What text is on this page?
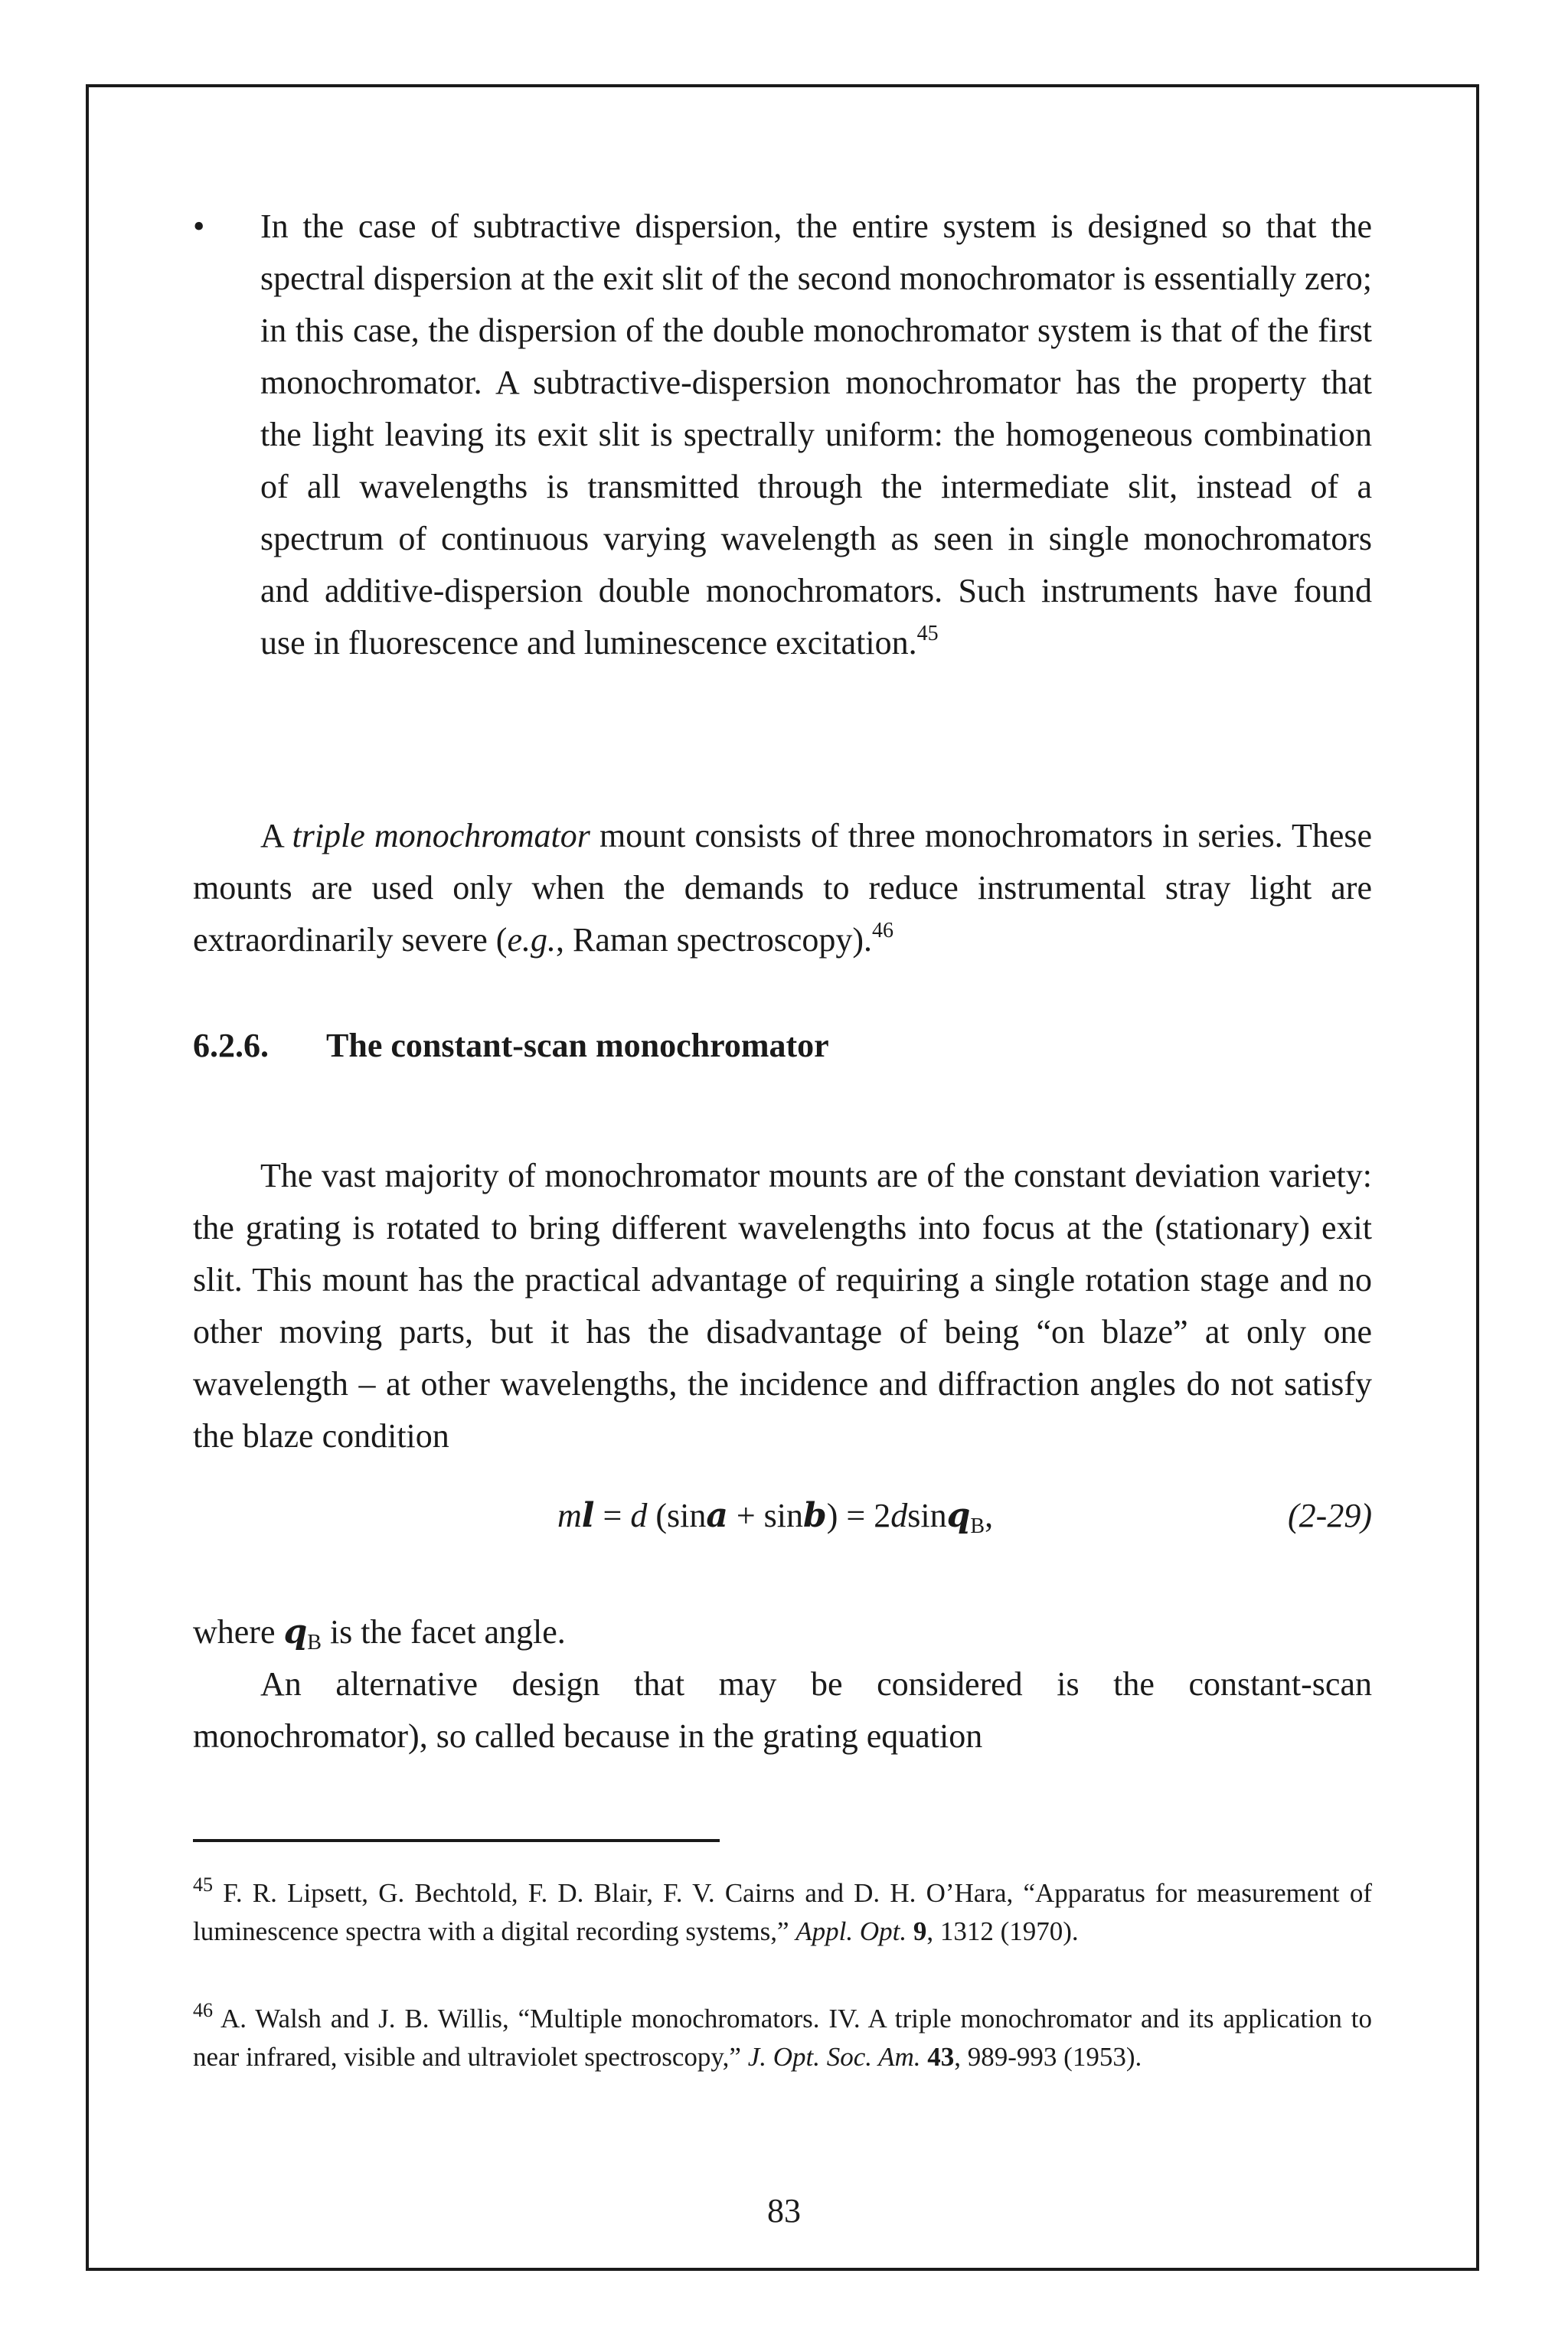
• In the case of subtractive dispersion, the entire system is designed so that the spectral dispersion at the exit slit of the second monochromator is essentially zero; in this case, the dispersion of the double monochromator system is that of the first monochromator. A subtractive-dispersion monochromator has the property that the light leaving its exit slit is spectrally uniform: the homogeneous combination of all wavelengths is transmitted through the intermediate slit, instead of a spectrum of continuous varying wavelength as seen in single monochromators and additive-dispersion double monochromators. Such instruments have found use in fluorescence and luminescence excitation.$^{45}$
A triple monochromator mount consists of three monochromators in series. These mounts are used only when the demands to reduce instrumental stray light are extraordinarily severe (e.g., Raman spectroscopy).$^{46}$
6.2.6. The constant-scan monochromator
The vast majority of monochromator mounts are of the constant deviation variety: the grating is rotated to bring different wavelengths into focus at the (stationary) exit slit. This mount has the practical advantage of requiring a single rotation stage and no other moving parts, but it has the disadvantage of being “on blaze” at only one wavelength – at other wavelengths, the incidence and diffraction angles do not satisfy the blaze condition
ml = d (sina + sinb) = 2dsinq$_B$,	(2-29)
where $q_B$ is the facet angle.
An alternative design that may be considered is the constant-scan monochromator), so called because in the grating equation
$^{45}$ F. R. Lipsett, G. Bechtold, F. D. Blair, F. V. Cairns and D. H. O’Hara, “Apparatus for measurement of luminescence spectra with a digital recording systems,” Appl. Opt. 9, 1312 (1970).
$^{46}$ A. Walsh and J. B. Willis, “Multiple monochromators. IV. A triple monochromator and its application to near infrared, visible and ultraviolet spectroscopy,” J. Opt. Soc. Am. 43, 989-993 (1953).
83
